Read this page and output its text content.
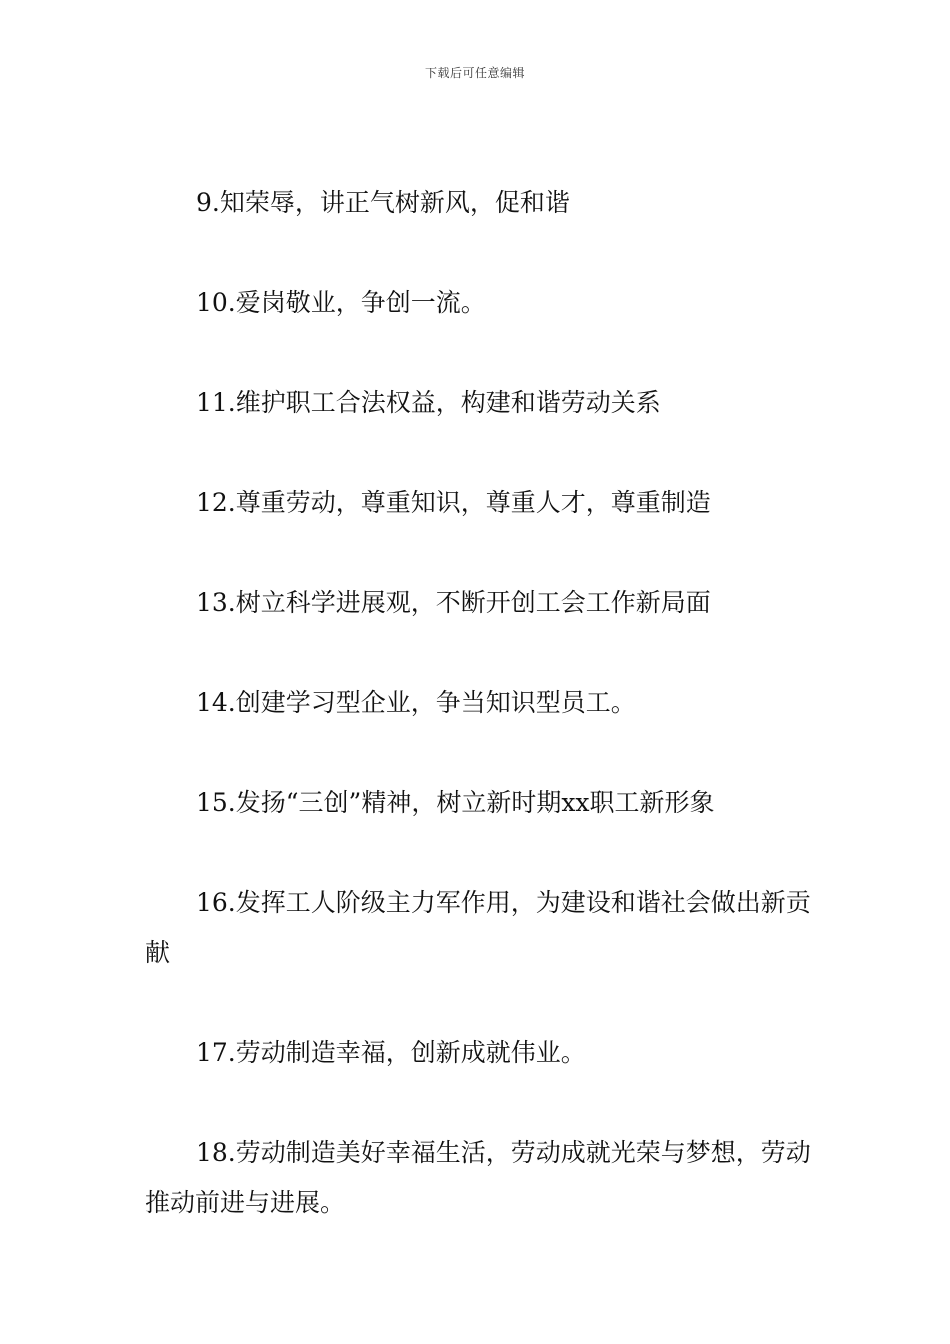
下载后可任意编辑

9.知荣辱，讲正气树新风，促和谐

10.爱岗敬业，争创一流。

11.维护职工合法权益，构建和谐劳动关系

12.尊重劳动，尊重知识，尊重人才，尊重制造

13.树立科学进展观，不断开创工会工作新局面

14.创建学习型企业，争当知识型员工。

15.发扬“三创”精神，树立新时期xx职工新形象

16.发挥工人阶级主力军作用，为建设和谐社会做出新贡献

17.劳动制造幸福，创新成就伟业。

18.劳动制造美好幸福生活，劳动成就光荣与梦想，劳动推动前进与进展。
